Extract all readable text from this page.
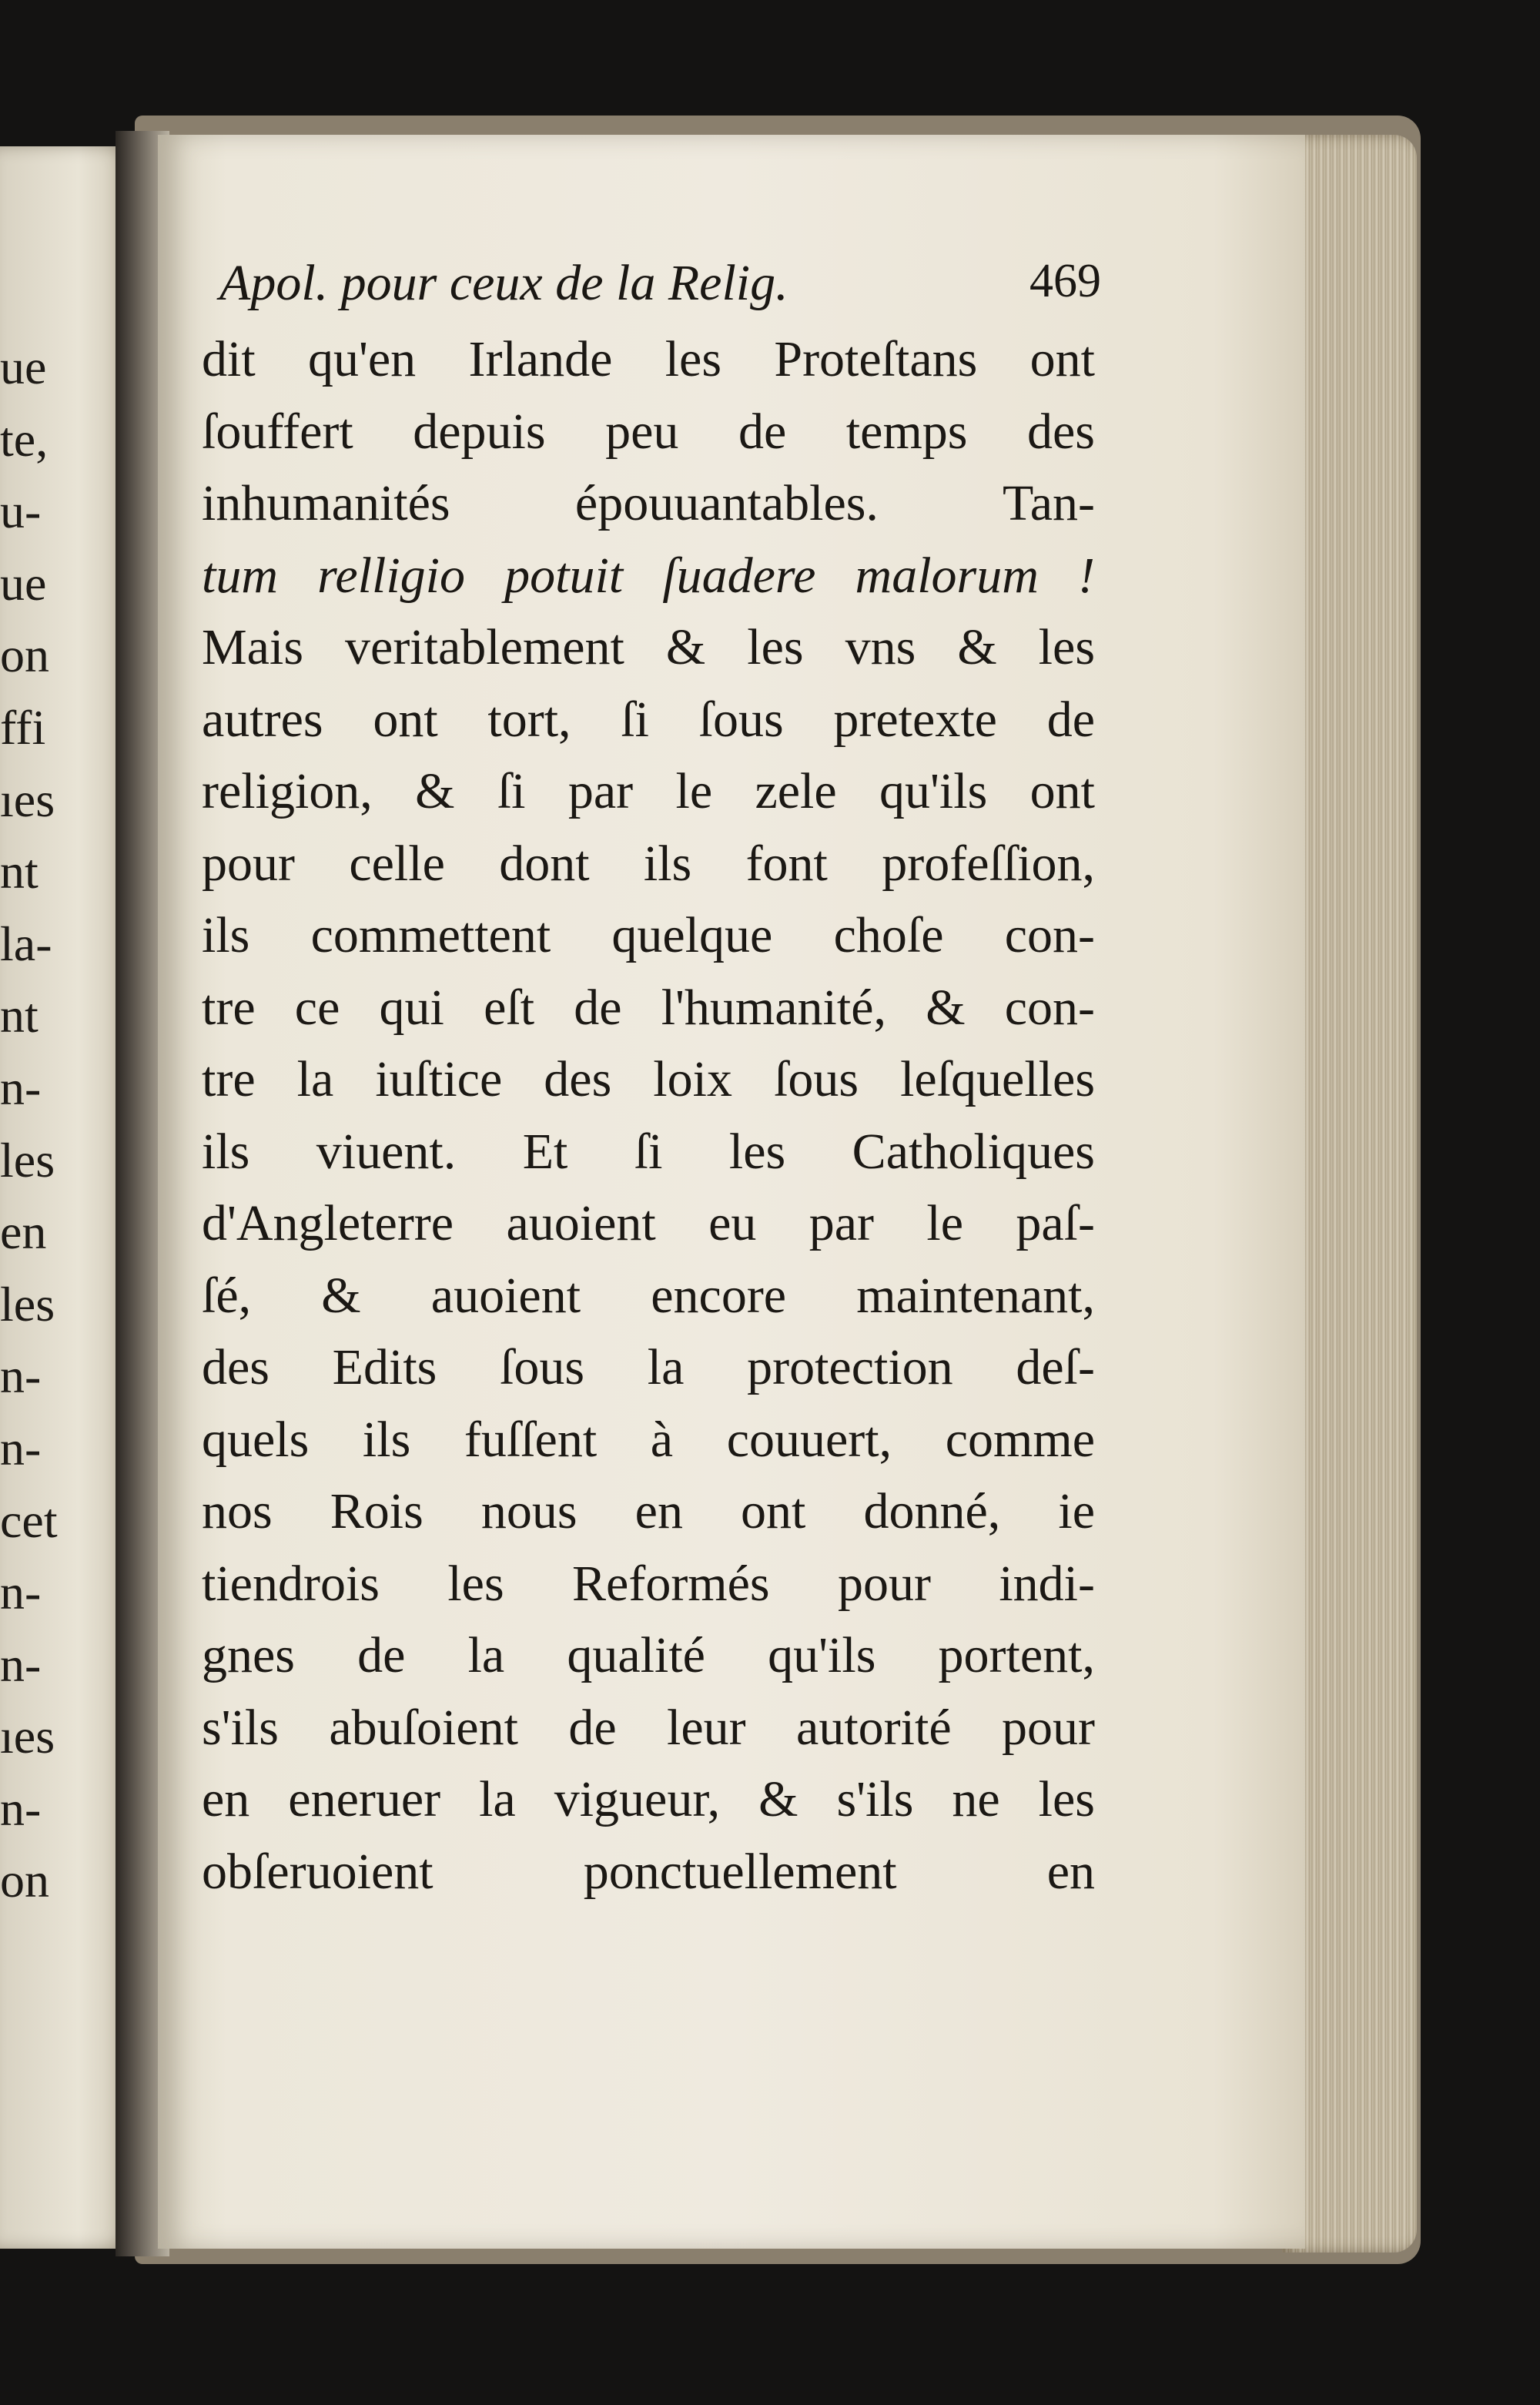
ue
te,
u-
ue
on
ffi
ıes
nt
la-
nt
n-
les
en
les
n-
n-
cet
n-
n-
ıes
n-
on
Apol. pour ceux de la Relig.	469
dit qu'en Irlande les Proteſtans ont
ſouffert depuis peu de temps des
inhumanités épouuantables. Tan-
tum relligio potuit ſuadere malorum !
Mais veritablement & les vns & les
autres ont tort, ſi ſous pretexte de
religion, & ſi par le zele qu'ils ont
pour celle dont ils font profeſſion,
ils commettent quelque choſe con-
tre ce qui eſt de l'humanité, & con-
tre la iuſtice des loix ſous leſquelles
ils viuent. Et ſi les Catholiques
d'Angleterre auoient eu par le paſ-
ſé, & auoient encore maintenant,
des Edits ſous la protection deſ-
quels ils fuſſent à couuert, comme
nos Rois nous en ont donné, ie
tiendrois les Reformés pour indi-
gnes de la qualité qu'ils portent,
s'ils abuſoient de leur autorité pour
en eneruer la vigueur, & s'ils ne les
obſeruoient ponctuellement en
